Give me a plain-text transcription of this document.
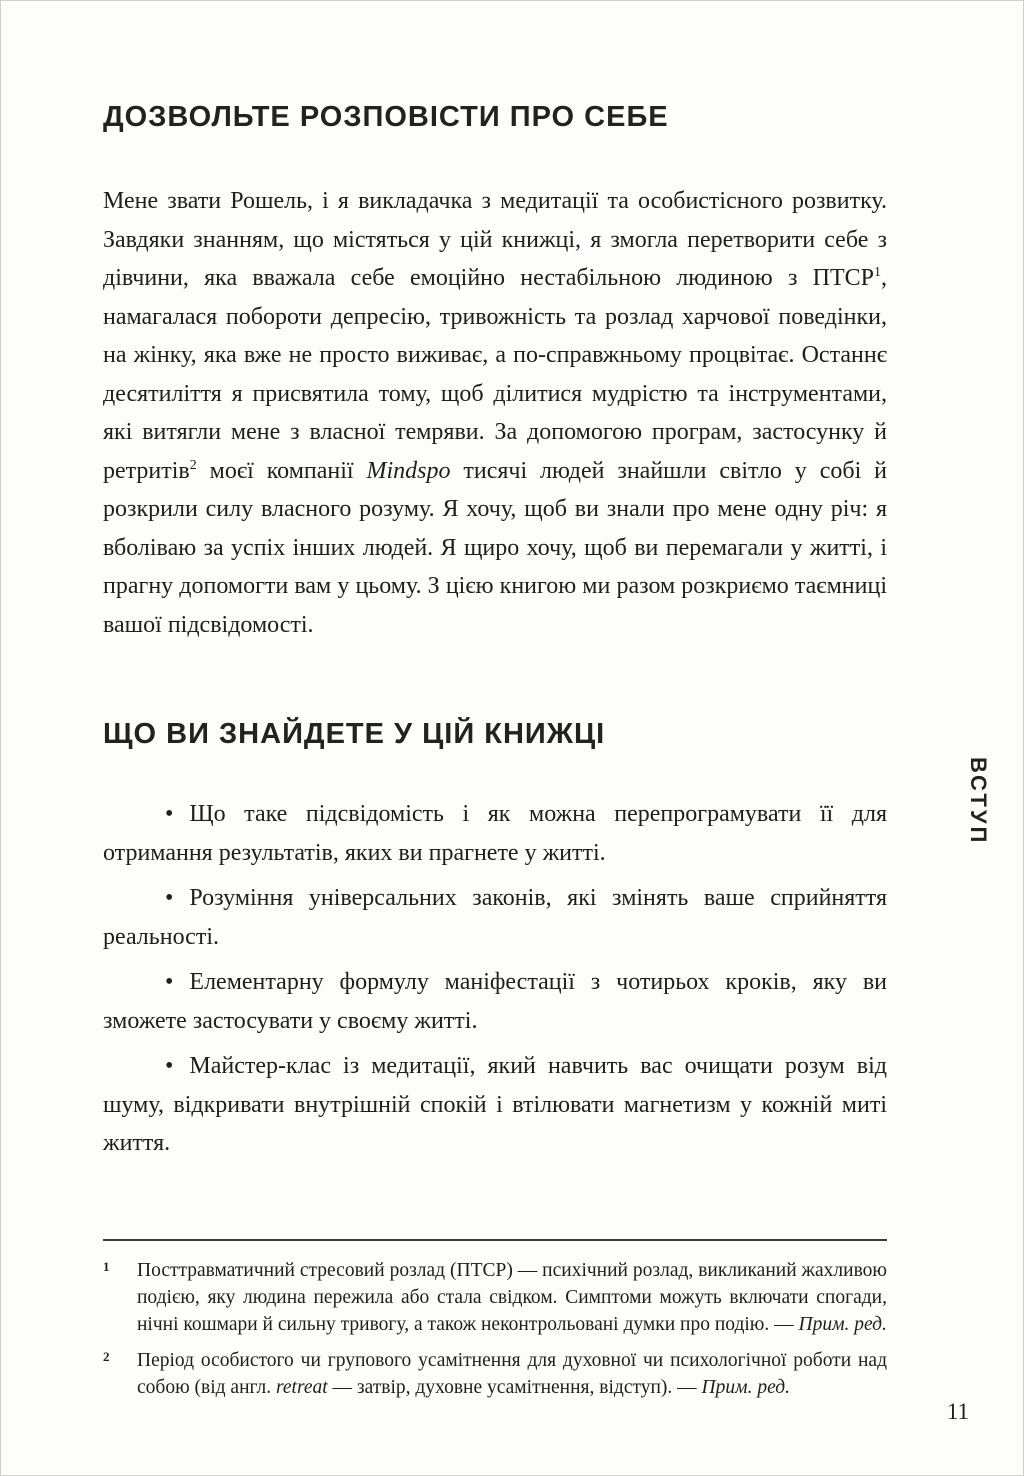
ДОЗВОЛЬТЕ РОЗПОВІСТИ ПРО СЕБЕ

Мене звати Рошель, і я викладачка з медитації та особистісного розвитку. Завдяки знанням, що містяться у цій книжці, я змогла перетворити себе з дівчини, яка вважала себе емоційно нестабільною людиною з ПТСР$^1$, намагалася побороти депресію, тривожність та розлад харчової поведінки, на жінку, яка вже не просто виживає, а по-справжньому процвітає. Останнє десятиліття я присвятила тому, щоб ділитися мудрістю та інструментами, які витягли мене з власної темряви. За допомогою програм, застосунку й ретритів$^2$ моєї компанії Mindspo тисячі людей знайшли світло у собі й розкрили силу власного розуму. Я хочу, щоб ви знали про мене одну річ: я вболіваю за успіх інших людей. Я щиро хочу, щоб ви перемагали у житті, і прагну допомогти вам у цьому. З цією книгою ми разом розкриємо таємниці вашої підсвідомості.

ЩО ВИ ЗНАЙДЕТЕ У ЦІЙ КНИЖЦІ
• Що таке підсвідомість і як можна перепрограмувати її для отримання результатів, яких ви прагнете у житті.
• Розуміння універсальних законів, які змінять ваше сприйняття реальності.
• Елементарну формулу маніфестації з чотирьох кроків, яку ви зможете застосувати у своєму житті.
• Майстер-клас із медитації, який навчить вас очищати розум від шуму, відкривати внутрішній спокій і втілювати магнетизм у кожній миті життя.
1	Посттравматичний стресовий розлад (ПТСР) — психічний розлад, викликаний жахливою подією, яку людина пережила або стала свідком. Симптоми можуть включати спогади, нічні кошмари й сильну тривогу, а також неконтрольовані думки про подію. — Прим. ред.

2	Період особистого чи групового усамітнення для духовної чи психологічної роботи над собою (від англ. retreat — затвір, духовне усамітнення, відступ). — Прим. ред.

ВСТУП
11
